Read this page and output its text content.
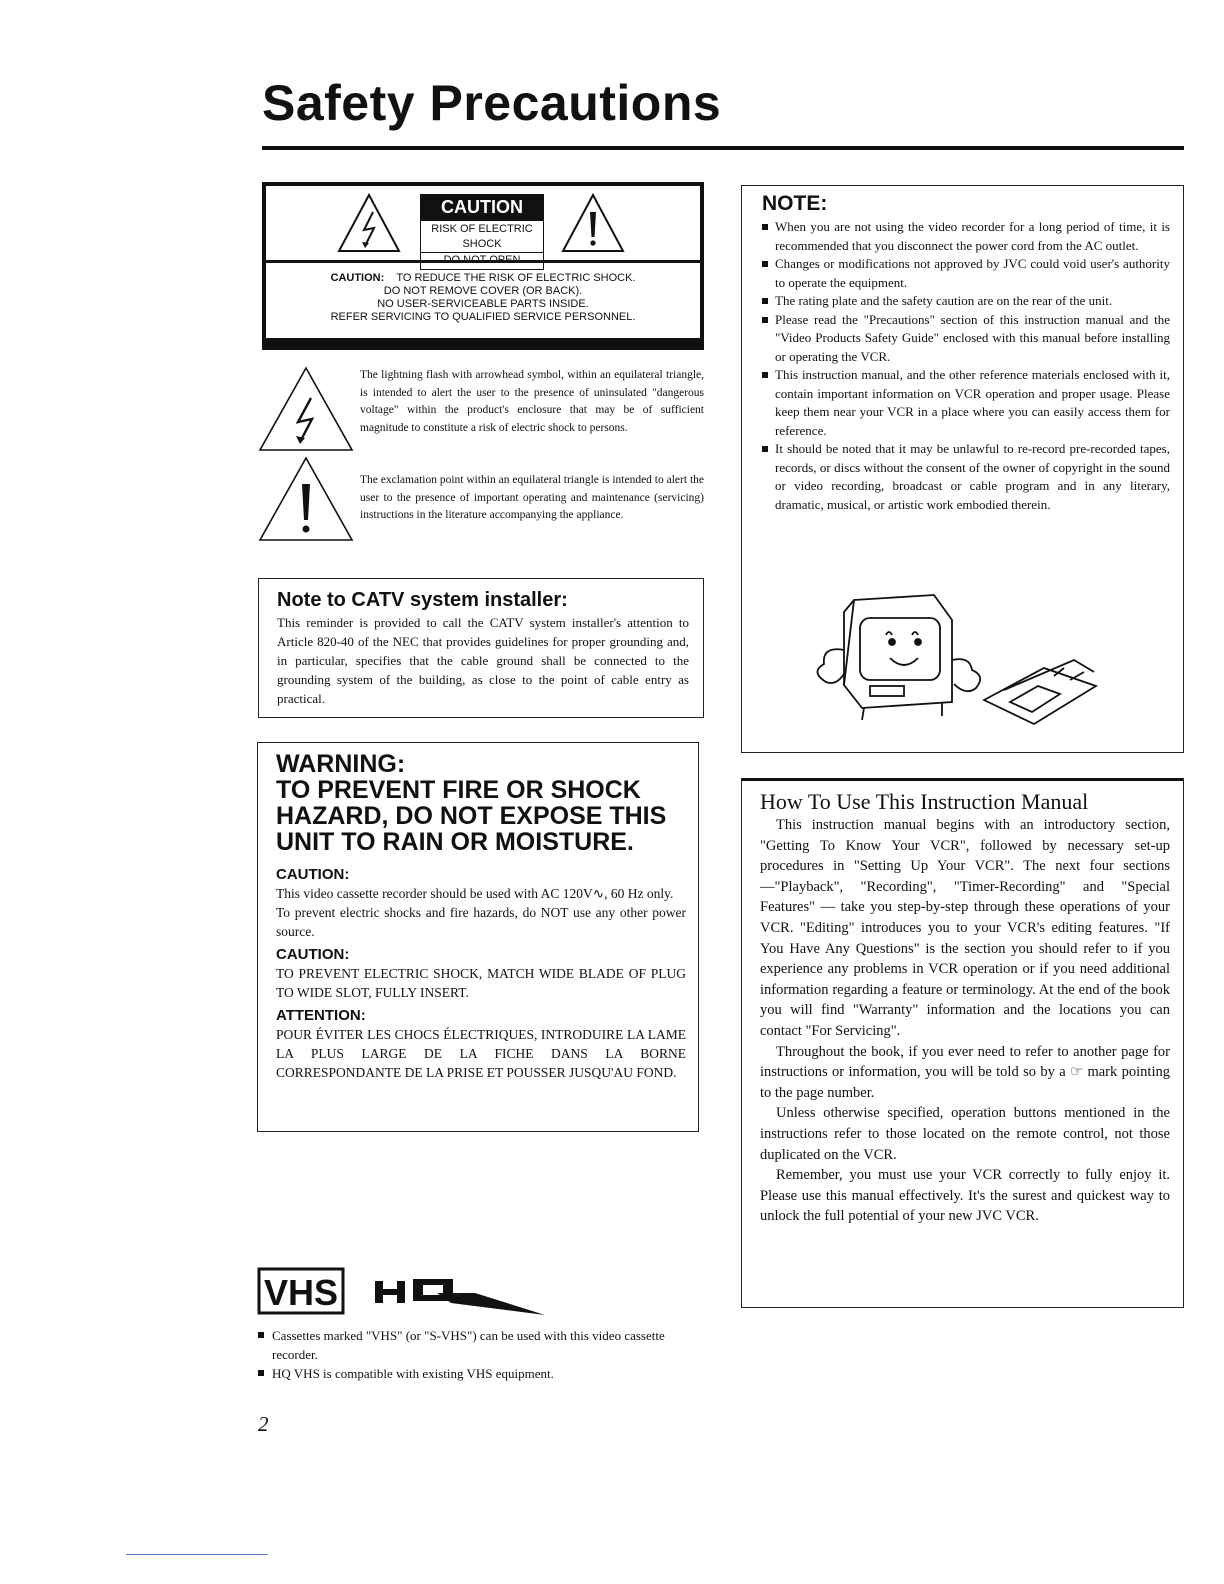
Safety Precautions
CAUTION
RISK OF ELECTRIC SHOCK
CAUTION: TO REDUCE THE RISK OF ELECTRIC SHOCK.
DO NOT REMOVE COVER (OR BACK).
NO USER-SERVICEABLE PARTS INSIDE.
REFER SERVICING TO QUALIFIED SERVICE PERSONNEL.
The lightning flash with arrowhead symbol, within an equilateral triangle, is intended to alert the user to the presence of uninsulated "dangerous voltage" within the product's enclosure that may be of sufficient magnitude to constitute a risk of electric shock to persons.
The exclamation point within an equilateral triangle is intended to alert the user to the presence of important operating and maintenance (servicing) instructions in the literature accompanying the appliance.
Note to CATV system installer:
This reminder is provided to call the CATV system installer's attention to Article 820-40 of the NEC that provides guidelines for proper grounding and, in particular, specifies that the cable ground shall be connected to the grounding system of the building, as close to the point of cable entry as practical.
WARNING:
TO PREVENT FIRE OR SHOCK
HAZARD, DO NOT EXPOSE THIS
UNIT TO RAIN OR MOISTURE.
CAUTION:

This video cassette recorder should be used with AC 120V∿, 60 Hz only.

To prevent electric shocks and fire hazards, do NOT use any other power source.

CAUTION:

TO PREVENT ELECTRIC SHOCK, MATCH WIDE BLADE OF PLUG TO WIDE SLOT, FULLY INSERT.

ATTENTION:

POUR ÉVITER LES CHOCS ÉLECTRIQUES, INTRODUIRE LA LAME LA PLUS LARGE DE LA FICHE DANS LA BORNE CORRESPONDANTE DE LA PRISE ET POUSSER JUSQU'AU FOND.

NOTE:
When you are not using the video recorder for a long period of time, it is recommended that you disconnect the power cord from the AC outlet.
Changes or modifications not approved by JVC could void user's authority to operate the equipment.
The rating plate and the safety caution are on the rear of the unit.
Please read the "Precautions" section of this instruction manual and the "Video Products Safety Guide" enclosed with this manual before installing or operating the VCR.
This instruction manual, and the other reference materials enclosed with it, contain important information on VCR operation and proper usage. Please keep them near your VCR in a place where you can easily access them for reference.
It should be noted that it may be unlawful to re-record pre-recorded tapes, records, or discs without the consent of the owner of copyright in the sound or video recording, broadcast or cable program and in any literary, dramatic, musical, or artistic work embodied therein.
How To Use This Instruction Manual

This instruction manual begins with an introductory section, "Getting To Know Your VCR", followed by necessary set-up procedures in "Setting Up Your VCR". The next four sections —"Playback", "Recording", "Timer-Recording" and "Special Features" — take you step-by-step through these operations of your VCR. "Editing" introduces you to your VCR's editing features. "If You Have Any Questions" is the section you should refer to if you experience any problems in VCR operation or if you need additional information regarding a feature or terminology. At the end of the book you will find "Warranty" information and the locations you can contact "For Servicing".

Throughout the book, if you ever need to refer to another page for instructions or information, you will be told so by a ☞ mark pointing to the page number.

Unless otherwise specified, operation buttons mentioned in the instructions refer to those located on the remote control, not those duplicated on the VCR.

Remember, you must use your VCR correctly to fully enjoy it. Please use this manual effectively. It's the surest and quickest way to unlock the full potential of your new JVC VCR.

VHS	HQ
Cassettes marked "VHS" (or "S-VHS") can be used with this video cassette recorder.
HQ VHS is compatible with existing VHS equipment.
2
